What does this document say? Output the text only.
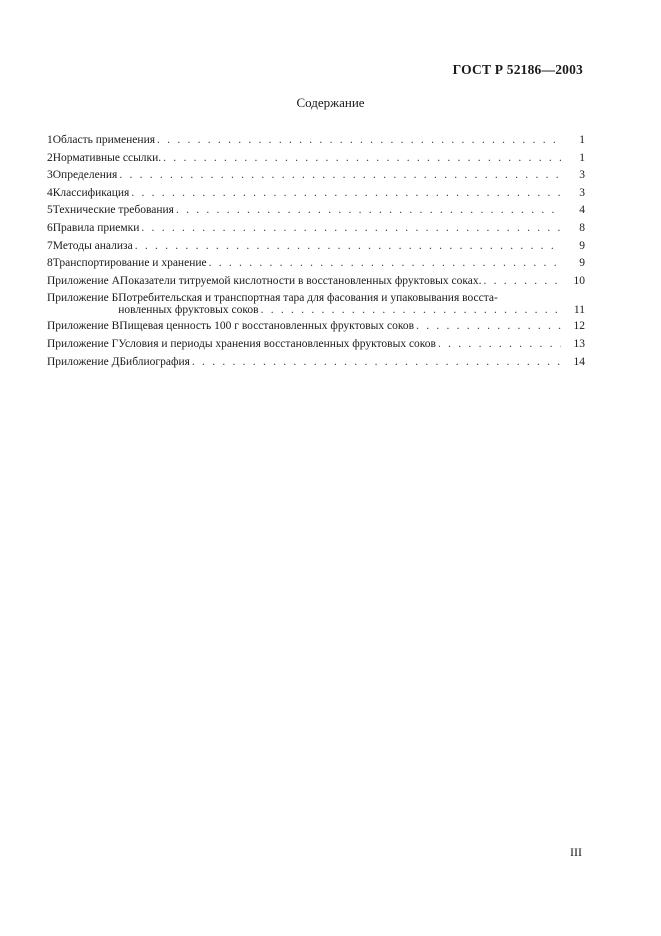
ГОСТ Р 52186—2003
Содержание
1 Область применения . . .	1
2 Нормативные ссылки. . . .	1
3 Определения . . .	3
4 Классификация . . .	3
5 Технические требования . . .	4
6 Правила приемки . . .	8
7 Методы анализа . . .	9
8 Транспортирование и хранение . . .	9
Приложение А Показатели титруемой кислотности в восстановленных фруктовых соках. . . .	10
Приложение Б Потребительская и транспортная тара для фасования и упаковывания восста-
новленных фруктовых соков . . .	11
Приложение В Пищевая ценность 100 г восстановленных фруктовых соков . . .	12
Приложение Г Условия и периоды хранения восстановленных фруктовых соков . . .	13
Приложение Д Библиография . . .	14
III
